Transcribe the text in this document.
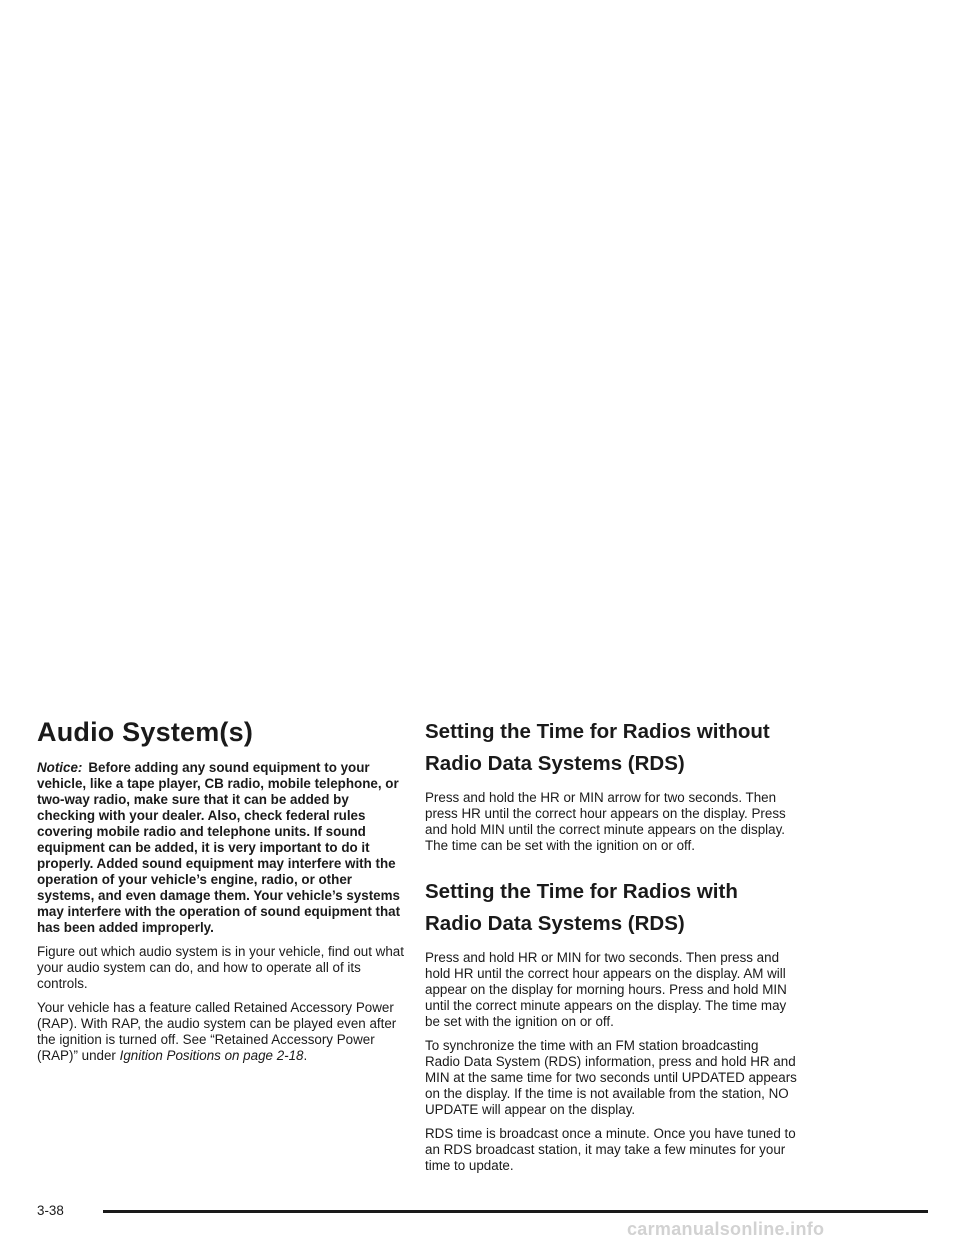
Audio System(s)

Notice: Before adding any sound equipment to your vehicle, like a tape player, CB radio, mobile telephone, or two-way radio, make sure that it can be added by checking with your dealer. Also, check federal rules covering mobile radio and telephone units. If sound equipment can be added, it is very important to do it properly. Added sound equipment may interfere with the operation of your vehicle’s engine, radio, or other systems, and even damage them. Your vehicle’s systems may interfere with the operation of sound equipment that has been added improperly.

Figure out which audio system is in your vehicle, find out what your audio system can do, and how to operate all of its controls.

Your vehicle has a feature called Retained Accessory Power (RAP). With RAP, the audio system can be played even after the ignition is turned off. See “Retained Accessory Power (RAP)” under Ignition Positions on page 2-18.

Setting the Time for Radios without Radio Data Systems (RDS)

Press and hold the HR or MIN arrow for two seconds. Then press HR until the correct hour appears on the display. Press and hold MIN until the correct minute appears on the display. The time can be set with the ignition on or off.

Setting the Time for Radios with Radio Data Systems (RDS)

Press and hold HR or MIN for two seconds. Then press and hold HR until the correct hour appears on the display. AM will appear on the display for morning hours. Press and hold MIN until the correct minute appears on the display. The time may be set with the ignition on or off.

To synchronize the time with an FM station broadcasting Radio Data System (RDS) information, press and hold HR and MIN at the same time for two seconds until UPDATED appears on the display. If the time is not available from the station, NO UPDATE will appear on the display.

RDS time is broadcast once a minute. Once you have tuned to an RDS broadcast station, it may take a few minutes for your time to update.

3-38
carmanualsonline.info
